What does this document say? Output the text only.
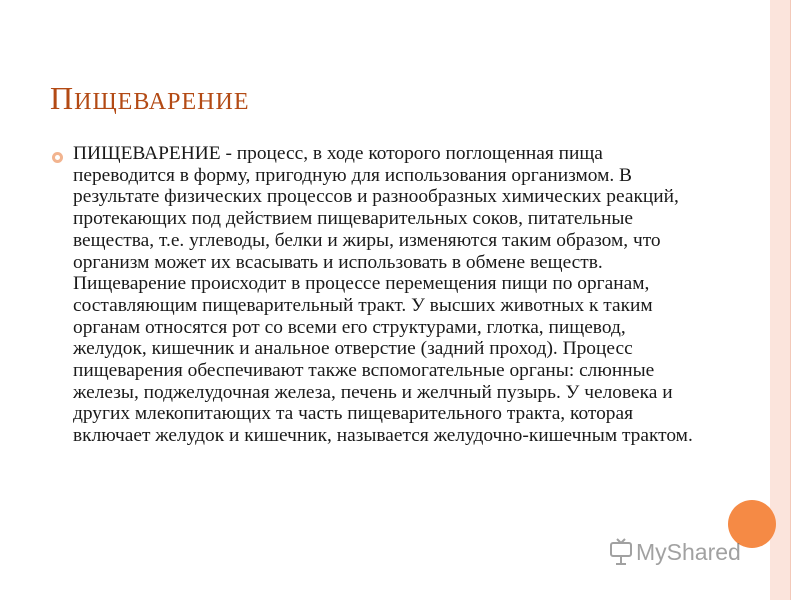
ПИЩЕВАРЕНИЕ

ПИЩЕВАРЕНИЕ - процесс, в ходе которого поглощенная пища переводится в форму, пригодную для использования организмом. В результате физических процессов и разнообразных химических реакций, протекающих под действием пищеварительных соков, питательные вещества, т.е. углеводы, белки и жиры, изменяются таким образом, что организм может их всасывать и использовать в обмене веществ. Пищеварение происходит в процессе перемещения пищи по органам, составляющим пищеварительный тракт. У высших животных к таким органам относятся рот со всеми его структурами, глотка, пищевод, желудок, кишечник и анальное отверстие (задний проход). Процесс пищеварения обеспечивают также вспомогательные органы: слюнные железы, поджелудочная железа, печень и желчный пузырь. У человека и других млекопитающих та часть пищеварительного тракта, которая включает желудок и кишечник, называется желудочно-кишечным трактом.

MyShared
